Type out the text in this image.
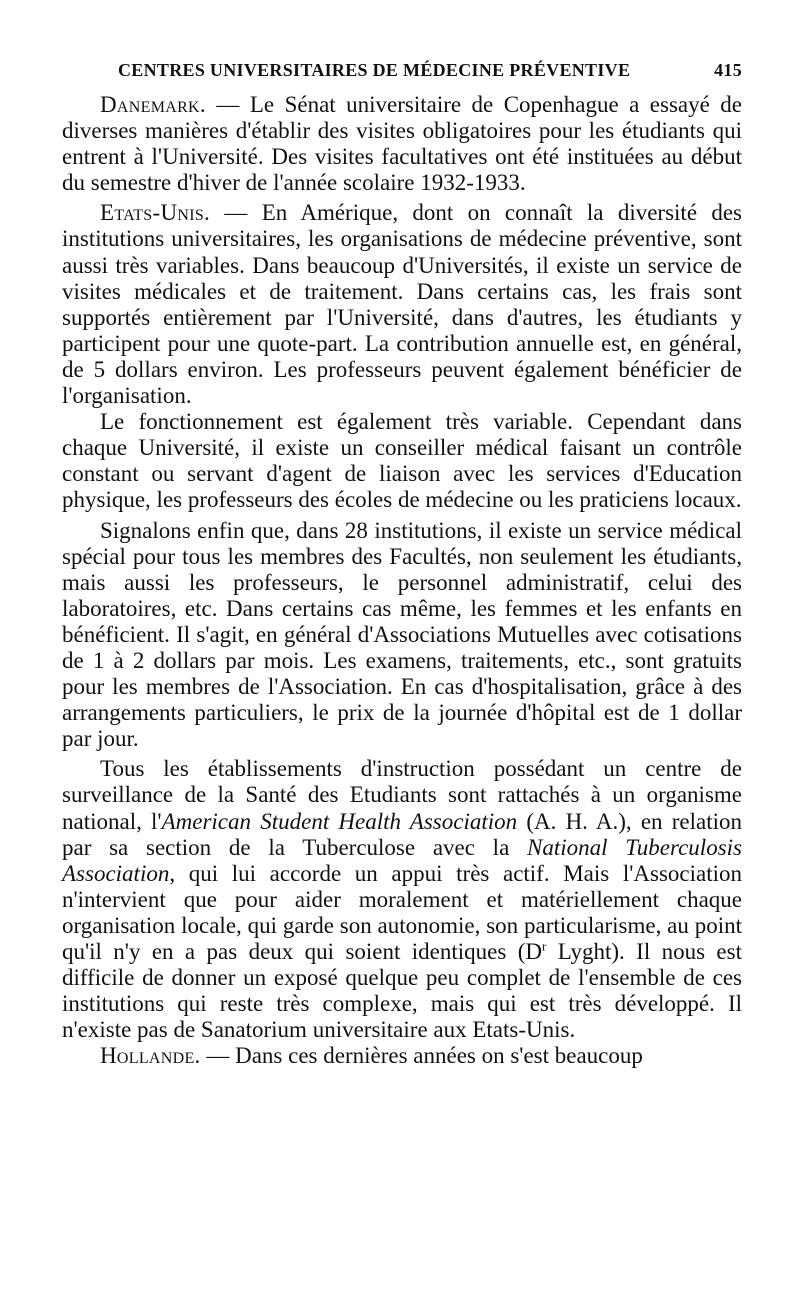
CENTRES UNIVERSITAIRES DE MÉDECINE PRÉVENTIVE	415

Danemark. — Le Sénat universitaire de Copenhague a essayé de diverses manières d'établir des visites obligatoires pour les étudiants qui entrent à l'Université. Des visites facultatives ont été instituées au début du semestre d'hiver de l'année scolaire 1932-1933.

Etats-Unis. — En Amérique, dont on connaît la diversité des institutions universitaires, les organisations de médecine préventive, sont aussi très variables. Dans beaucoup d'Universités, il existe un service de visites médicales et de traitement. Dans certains cas, les frais sont supportés entièrement par l'Université, dans d'autres, les étudiants y participent pour une quote-part. La contribution annuelle est, en général, de 5 dollars environ. Les professeurs peuvent également bénéficier de l'organisation.

Le fonctionnement est également très variable. Cependant dans chaque Université, il existe un conseiller médical faisant un contrôle constant ou servant d'agent de liaison avec les services d'Education physique, les professeurs des écoles de médecine ou les praticiens locaux.

Signalons enfin que, dans 28 institutions, il existe un service médical spécial pour tous les membres des Facultés, non seulement les étudiants, mais aussi les professeurs, le personnel administratif, celui des laboratoires, etc. Dans certains cas même, les femmes et les enfants en bénéficient. Il s'agit, en général d'Associations Mutuelles avec cotisations de 1 à 2 dollars par mois. Les examens, traitements, etc., sont gratuits pour les membres de l'Association. En cas d'hospitalisation, grâce à des arrangements particuliers, le prix de la journée d'hôpital est de 1 dollar par jour.

Tous les établissements d'instruction possédant un centre de surveillance de la Santé des Etudiants sont rattachés à un organisme national, l'American Student Health Association (A. H. A.), en relation par sa section de la Tuberculose avec la National Tuberculosis Association, qui lui accorde un appui très actif. Mais l'Association n'intervient que pour aider moralement et matériellement chaque organisation locale, qui garde son autonomie, son particularisme, au point qu'il n'y en a pas deux qui soient identiques ($D^r$ Lyght). Il nous est difficile de donner un exposé quelque peu complet de l'ensemble de ces institutions qui reste très complexe, mais qui est très développé. Il n'existe pas de Sanatorium universitaire aux Etats-Unis.

Hollande. — Dans ces dernières années on s'est beaucoup
